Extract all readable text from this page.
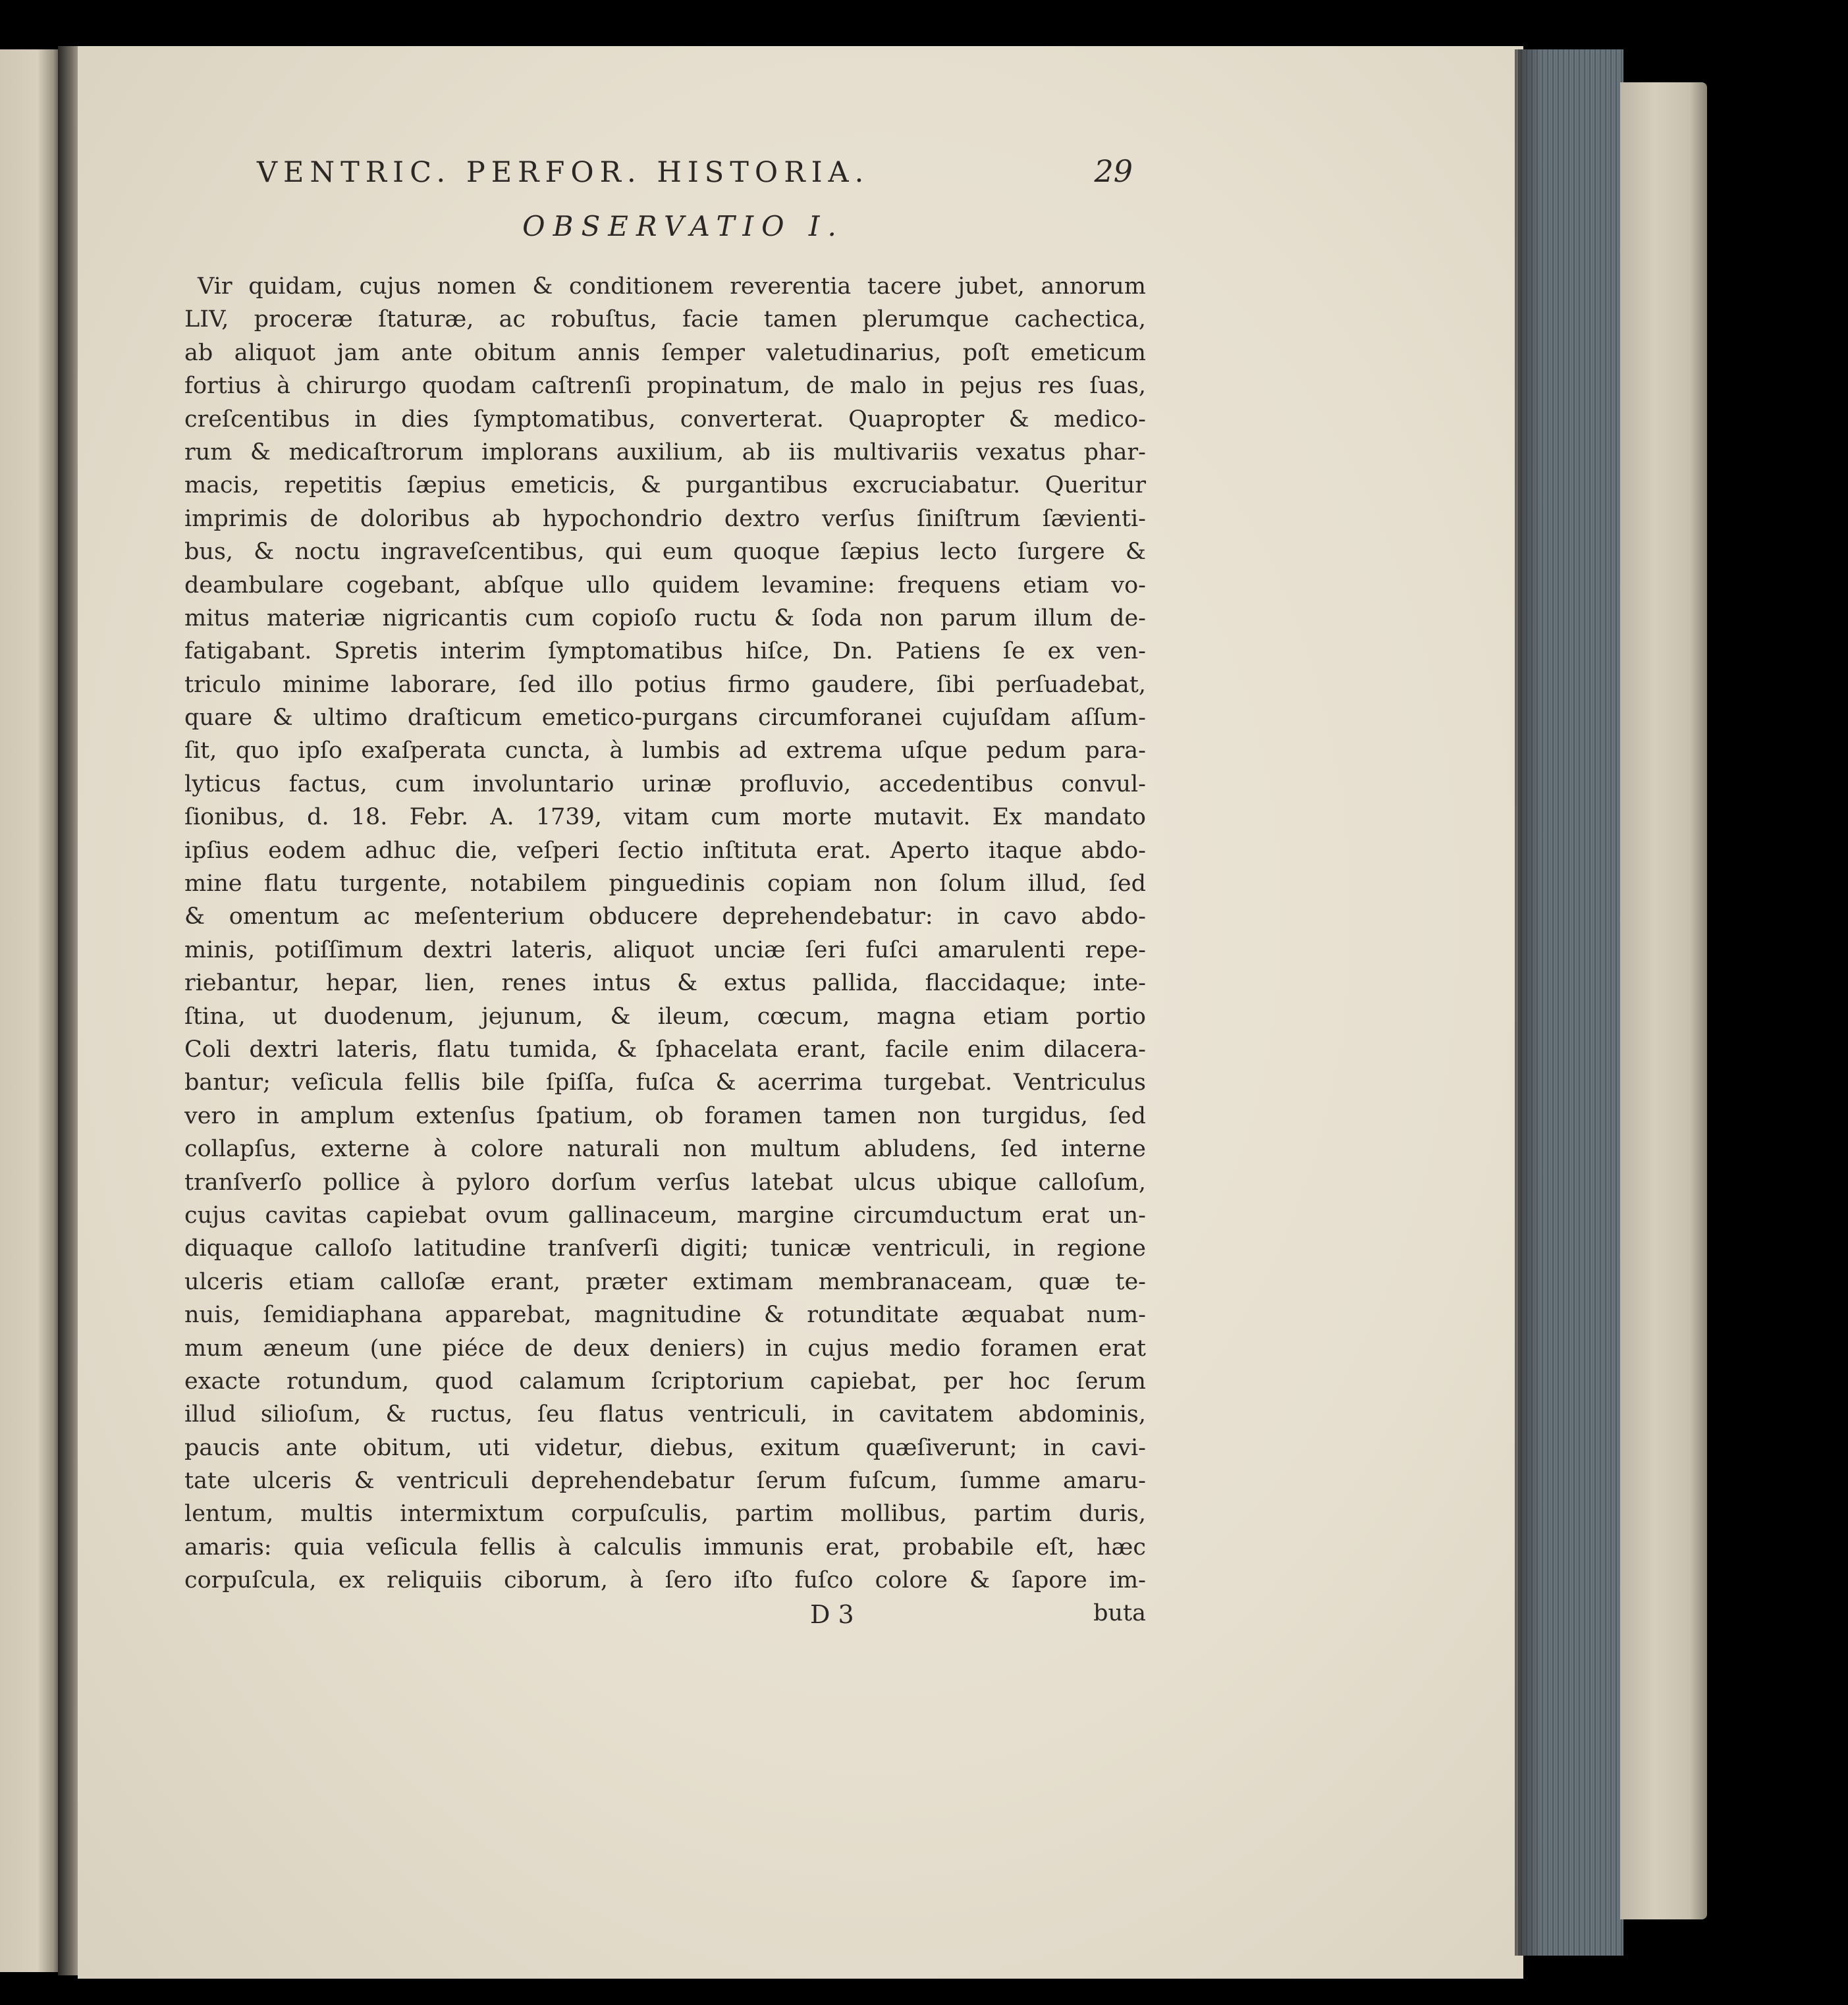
VENTRIC. PERFOR. HISTORIA.	29
OBSERVATIO I.
Vir quidam, cujus nomen & conditionem reverentia tacere jubet, annorum
LIV, proceræ ſtaturæ, ac robuſtus, facie tamen plerumque cachectica,
ab aliquot jam ante obitum annis ſemper valetudinarius, poſt emeticum
fortius à chirurgo quodam caſtrenſi propinatum, de malo in pejus res ſuas,
creſcentibus in dies ſymptomatibus, converterat. Quapropter & medico-
rum & medicaſtrorum implorans auxilium, ab iis multivariis vexatus phar-
macis, repetitis ſæpius emeticis, & purgantibus excruciabatur. Queritur
imprimis de doloribus ab hypochondrio dextro verſus ſiniſtrum ſævienti-
bus, & noctu ingraveſcentibus, qui eum quoque ſæpius lecto ſurgere &
deambulare cogebant, abſque ullo quidem levamine: frequens etiam vo-
mitus materiæ nigricantis cum copioſo ructu & ſoda non parum illum de-
fatigabant. Spretis interim ſymptomatibus hiſce, Dn. Patiens ſe ex ven-
triculo minime laborare, ſed illo potius firmo gaudere, ſibi perſuadebat,
quare & ultimo draſticum emetico-purgans circumforanei cujuſdam aſſum-
ſit, quo ipſo exaſperata cuncta, à lumbis ad extrema uſque pedum para-
lyticus factus, cum involuntario urinæ profluvio, accedentibus convul-
ſionibus, d. 18. Febr. A. 1739, vitam cum morte mutavit. Ex mandato
ipſius eodem adhuc die, veſperi ſectio inſtituta erat. Aperto itaque abdo-
mine flatu turgente, notabilem pinguedinis copiam non ſolum illud, ſed
& omentum ac meſenterium obducere deprehendebatur: in cavo abdo-
minis, potiſſimum dextri lateris, aliquot unciæ ſeri fuſci amarulenti repe-
riebantur, hepar, lien, renes intus & extus pallida, flaccidaque; inte-
ſtina, ut duodenum, jejunum, & ileum, cœcum, magna etiam portio
Coli dextri lateris, flatu tumida, & ſphacelata erant, facile enim dilacera-
bantur; veſicula fellis bile ſpiſſa, fuſca & acerrima turgebat. Ventriculus
vero in amplum extenſus ſpatium, ob foramen tamen non turgidus, ſed
collapſus, externe à colore naturali non multum abludens, ſed interne
tranſverſo pollice à pyloro dorſum verſus latebat ulcus ubique calloſum,
cujus cavitas capiebat ovum gallinaceum, margine circumductum erat un-
diquaque calloſo latitudine tranſverſi digiti; tunicæ ventriculi, in regione
ulceris etiam calloſæ erant, præter extimam membranaceam, quæ te-
nuis, ſemidiaphana apparebat, magnitudine & rotunditate æquabat num-
mum æneum (une piéce de deux deniers) in cujus medio foramen erat
exacte rotundum, quod calamum ſcriptorium capiebat, per hoc ſerum
illud silioſum, & ructus, ſeu flatus ventriculi, in cavitatem abdominis,
paucis ante obitum, uti videtur, diebus, exitum quæſiverunt; in cavi-
tate ulceris & ventriculi deprehendebatur ſerum fuſcum, ſumme amaru-
lentum, multis intermixtum corpuſculis, partim mollibus, partim duris,
amaris: quia veſicula fellis à calculis immunis erat, probabile eſt, hæc
corpuſcula, ex reliquiis ciborum, à ſero iſto fuſco colore & ſapore im-
D 3	buta
